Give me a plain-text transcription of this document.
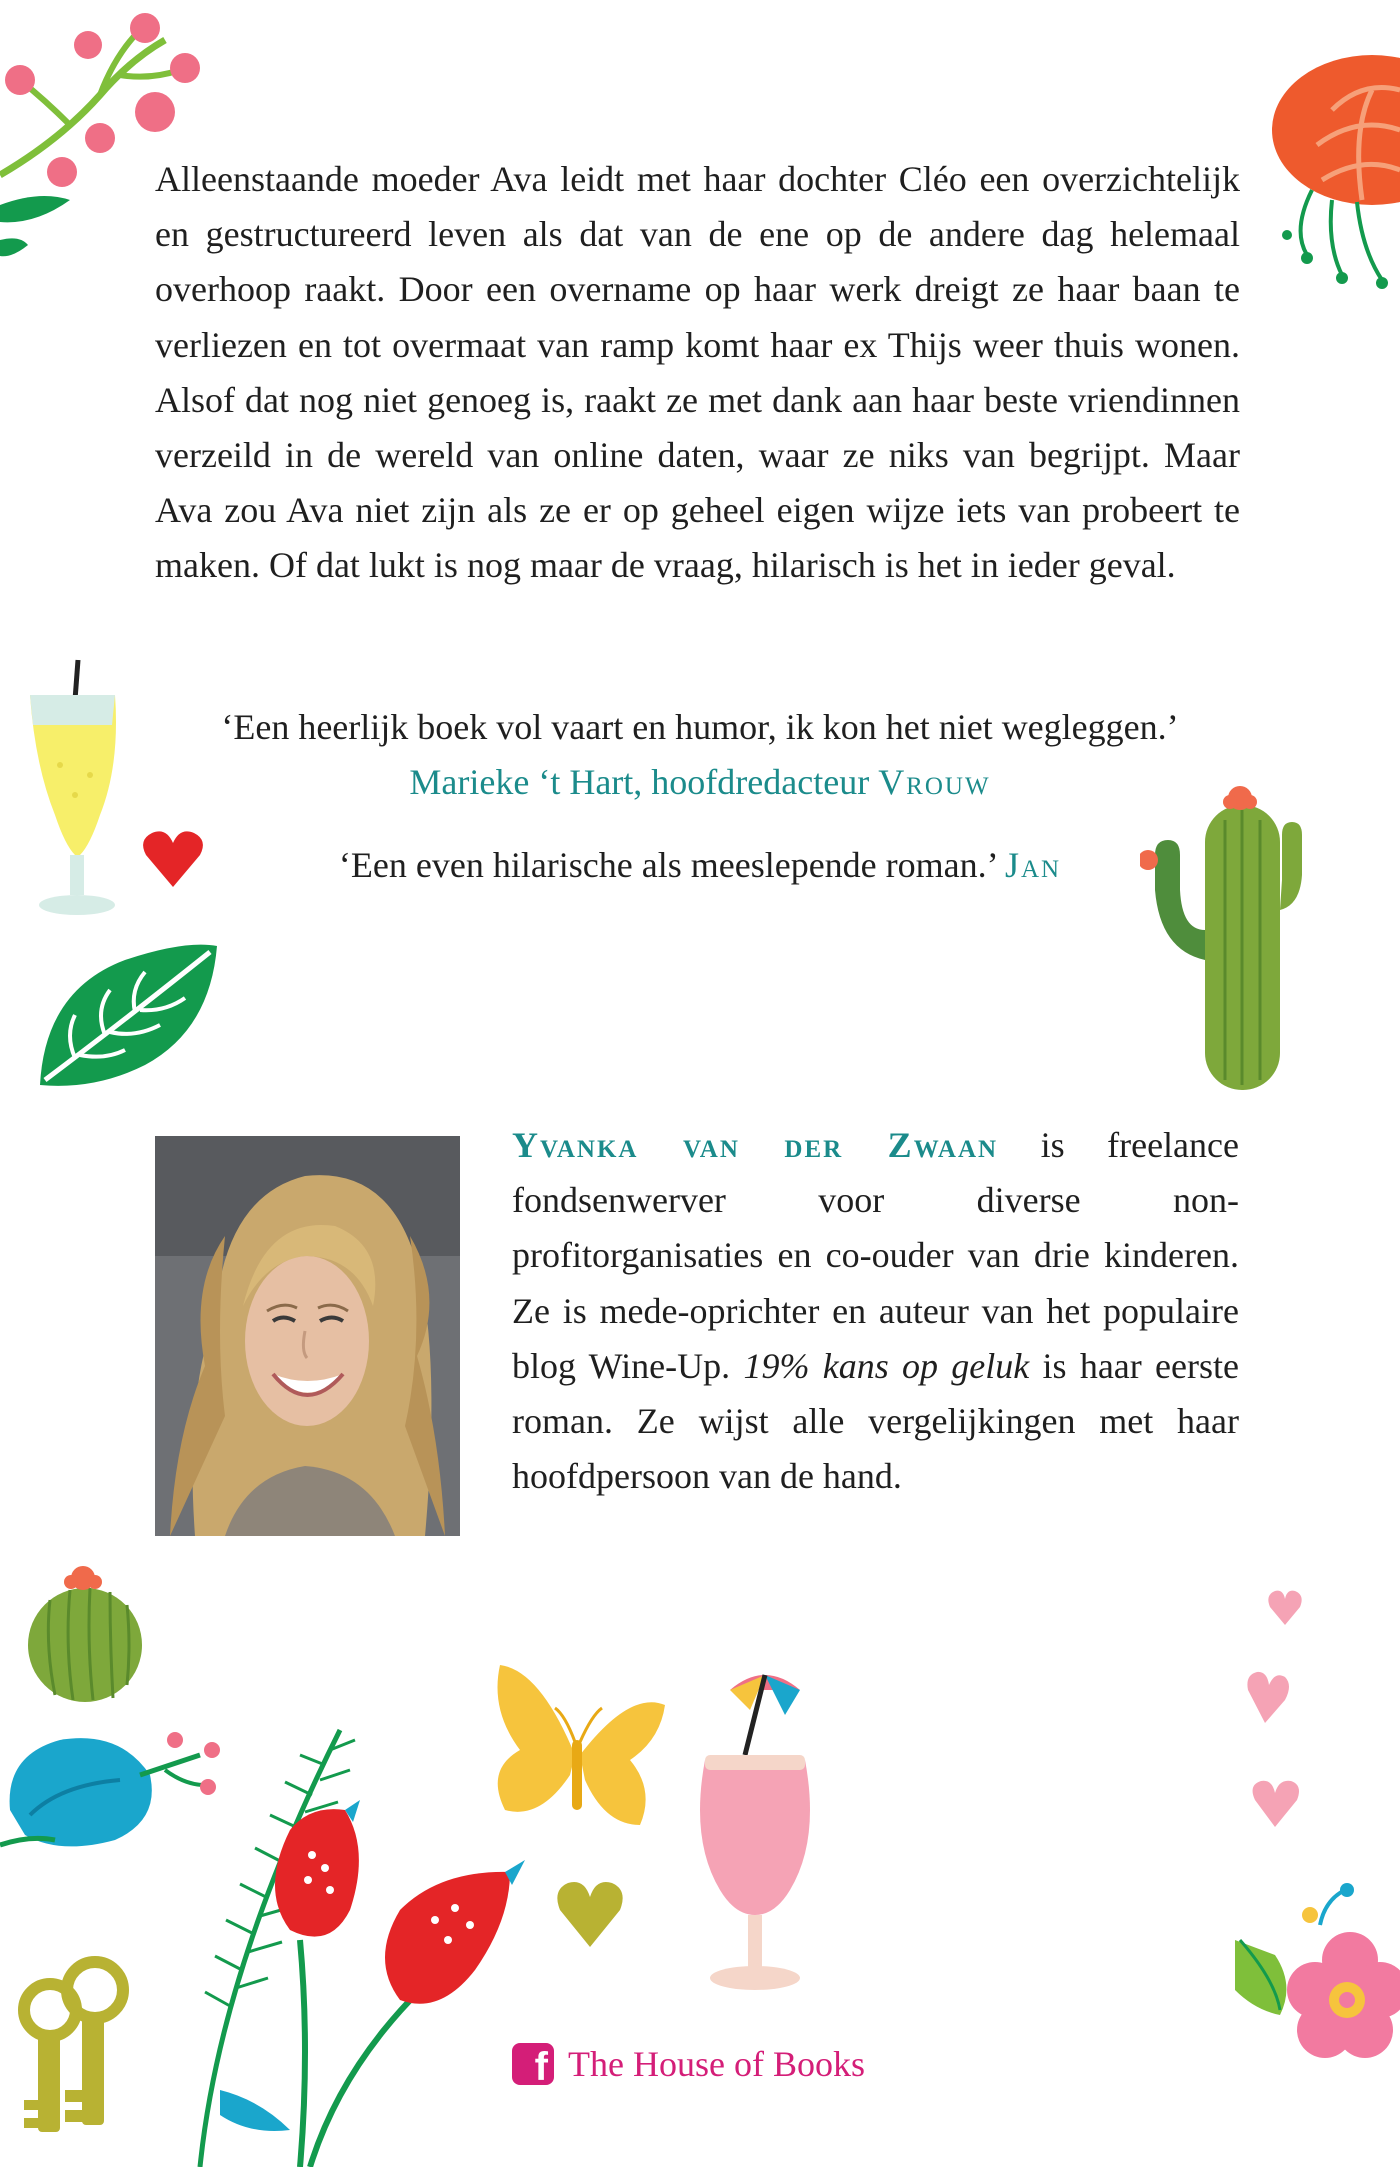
Alleenstaande moeder Ava leidt met haar dochter Cléo een overzichtelijk en gestructureerd leven als dat van de ene op de andere dag helemaal overhoop raakt. Door een overname op haar werk dreigt ze haar baan te verliezen en tot overmaat van ramp komt haar ex Thijs weer thuis wonen. Alsof dat nog niet genoeg is, raakt ze met dank aan haar beste vriendinnen verzeild in de wereld van online daten, waar ze niks van begrijpt. Maar Ava zou Ava niet zijn als ze er op geheel eigen wijze iets van probeert te maken. Of dat lukt is nog maar de vraag, hilarisch is het in ieder geval.

‘Een heerlijk boek vol vaart en humor, ik kon het niet wegleggen.’

Marieke ‘t Hart, hoofdredacteur Vrouw

‘Een even hilarische als meeslepende roman.’ Jan

Yvanka van der Zwaan is freelance fondsenwerver voor diverse non-profitorganisaties en co-ouder van drie kinderen. Ze is mede-oprichter en auteur van het populaire blog Wine-Up. 19% kans op geluk is haar eerste roman. Ze wijst alle vergelijkingen met haar hoofdpersoon van de hand.

f The House of Books
